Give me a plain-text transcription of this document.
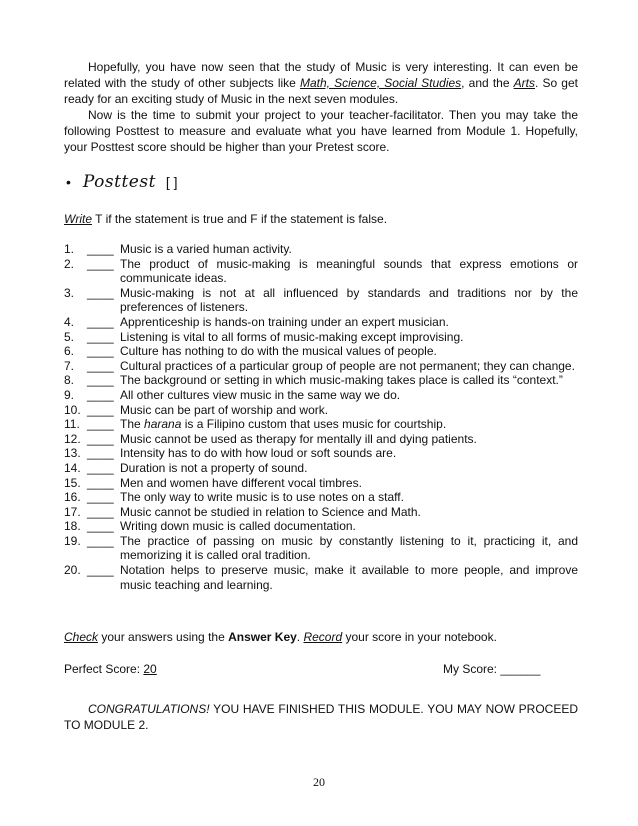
Hopefully, you have now seen that the study of Music is very interesting. It can even be related with the study of other subjects like Math, Science, Social Studies, and the Arts. So get ready for an exciting study of Music in the next seven modules.

Now is the time to submit your project to your teacher-facilitator. Then you may take the following Posttest to measure and evaluate what you have learned from Module 1. Hopefully, your Posttest score should be higher than your Pretest score.

• Posttest [ ]

Write T if the statement is true and F if the statement is false.

1.	____ Music is a varied human activity.
2.	____ The product of music-making is meaningful sounds that express emotions or communicate ideas.
3.	____ Music-making is not at all influenced by standards and traditions nor by the preferences of listeners.
4.	____ Apprenticeship is hands-on training under an expert musician.
5.	____ Listening is vital to all forms of music-making except improvising.
6.	____ Culture has nothing to do with the musical values of people.
7.	____ Cultural practices of a particular group of people are not permanent; they can change.
8.	____ The background or setting in which music-making takes place is called its “context.”
9.	____ All other cultures view music in the same way we do.
10. ____ Music can be part of worship and work.
11. ____ The harana is a Filipino custom that uses music for courtship.
12. ____ Music cannot be used as therapy for mentally ill and dying patients.
13. ____ Intensity has to do with how loud or soft sounds are.
14. ____ Duration is not a property of sound.
15. ____ Men and women have different vocal timbres.
16. ____ The only way to write music is to use notes on a staff.
17. ____ Music cannot be studied in relation to Science and Math.
18. ____ Writing down music is called documentation.
19. ____ The practice of passing on music by constantly listening to it, practicing it, and memorizing it is called oral tradition.
20. ____ Notation helps to preserve music, make it available to more people, and improve music teaching and learning.

Check your answers using the Answer Key. Record your score in your notebook.

Perfect Score: 20	My Score: ______

CONGRATULATIONS! YOU HAVE FINISHED THIS MODULE. YOU MAY NOW PROCEED TO MODULE 2.

20
